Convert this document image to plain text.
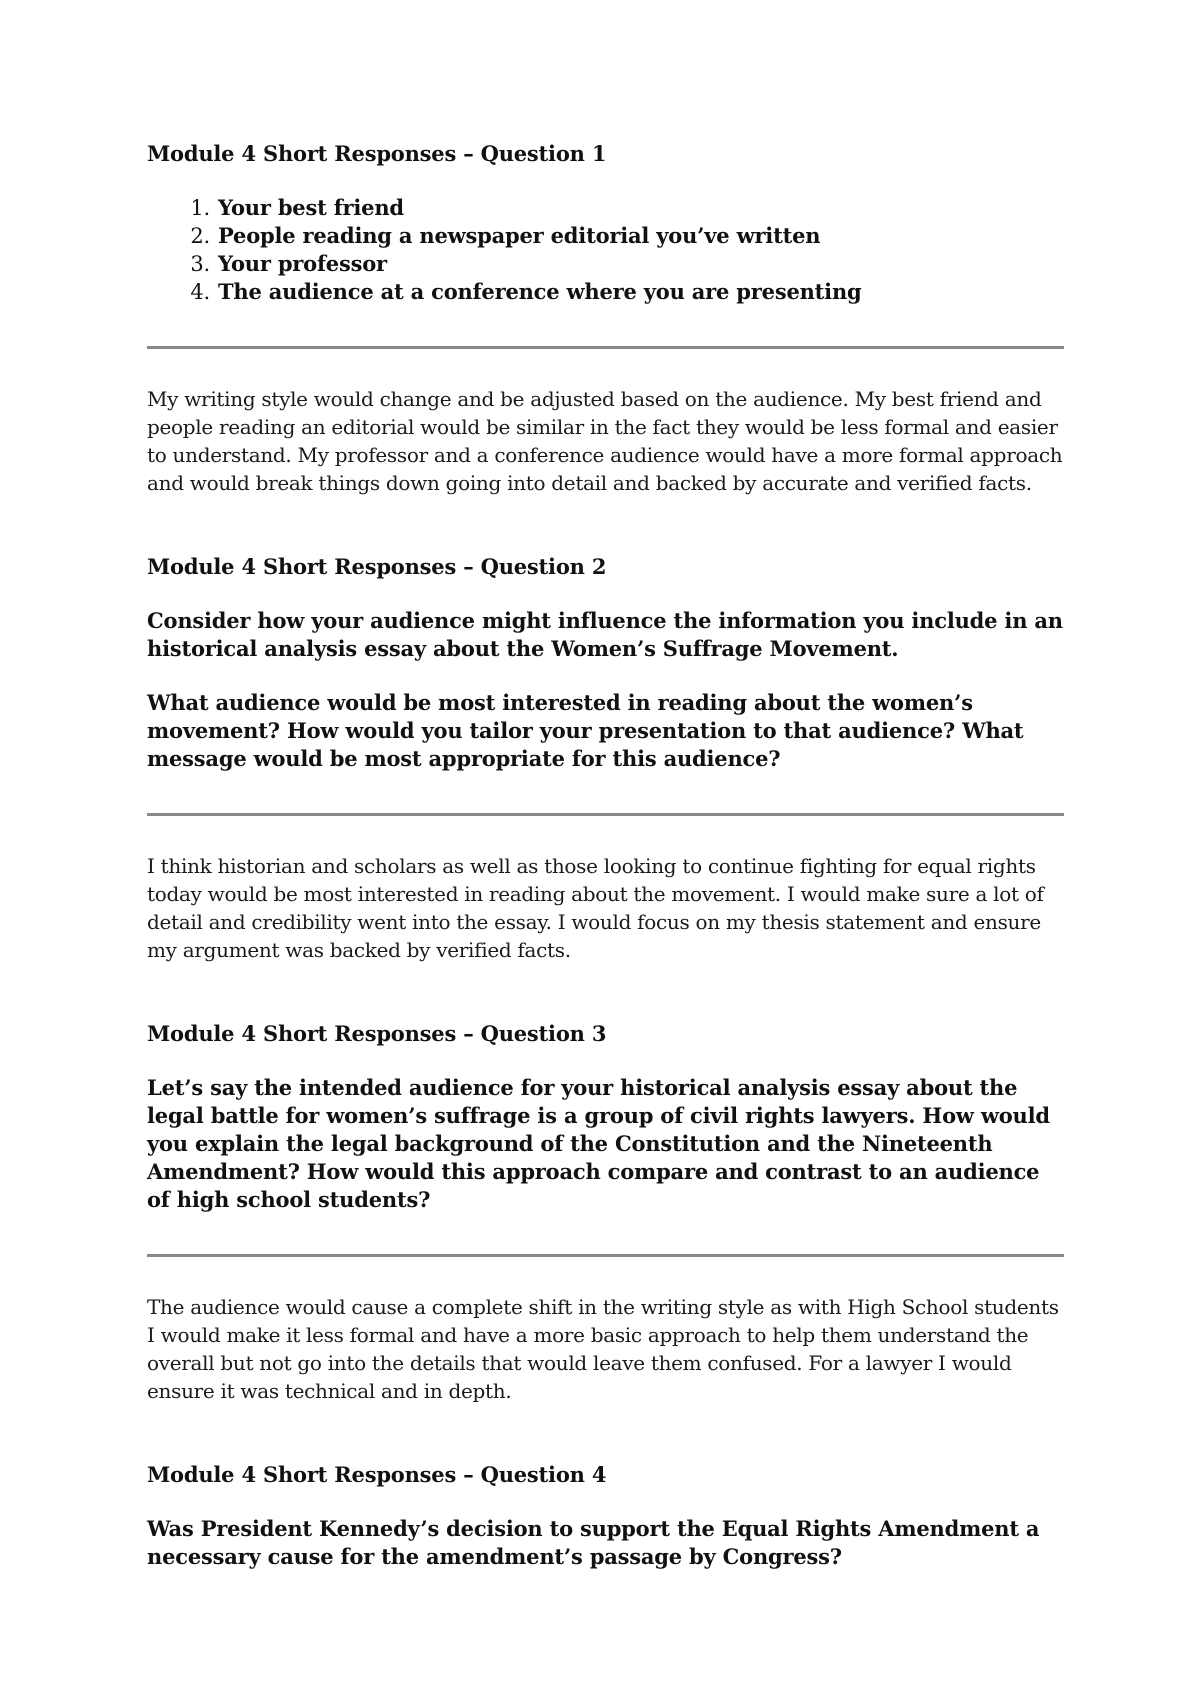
Module 4 Short Responses – Question 1

1. Your best friend
2. People reading a newspaper editorial you’ve written
3. Your professor
4. The audience at a conference where you are presenting

My writing style would change and be adjusted based on the audience. My best friend and people reading an editorial would be similar in the fact they would be less formal and easier to understand. My professor and a conference audience would have a more formal approach and would break things down going into detail and backed by accurate and verified facts.

Module 4 Short Responses – Question 2

Consider how your audience might influence the information you include in an historical analysis essay about the Women’s Suffrage Movement.

What audience would be most interested in reading about the women’s movement? How would you tailor your presentation to that audience? What message would be most appropriate for this audience?

I think historian and scholars as well as those looking to continue fighting for equal rights today would be most interested in reading about the movement. I would make sure a lot of detail and credibility went into the essay. I would focus on my thesis statement and ensure my argument was backed by verified facts.

Module 4 Short Responses – Question 3

Let’s say the intended audience for your historical analysis essay about the legal battle for women’s suffrage is a group of civil rights lawyers. How would you explain the legal background of the Constitution and the Nineteenth Amendment? How would this approach compare and contrast to an audience of high school students?

The audience would cause a complete shift in the writing style as with High School students I would make it less formal and have a more basic approach to help them understand the overall but not go into the details that would leave them confused. For a lawyer I would ensure it was technical and in depth.

Module 4 Short Responses – Question 4

Was President Kennedy’s decision to support the Equal Rights Amendment a necessary cause for the amendment’s passage by Congress?
